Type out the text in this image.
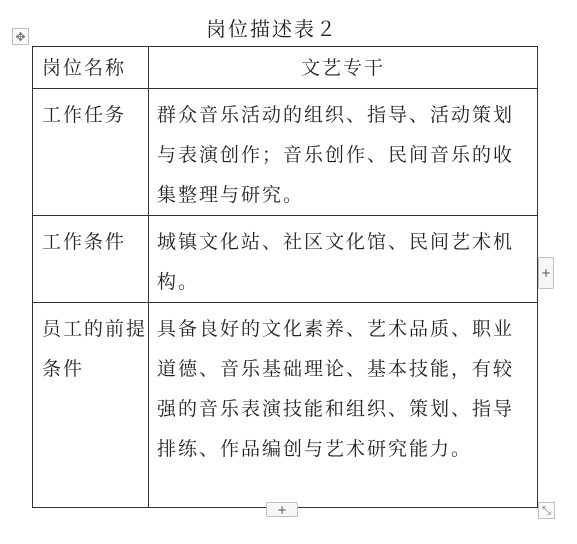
岗位描述表２
✥
岗位名称	文艺专干
工作任务	群众音乐活动的组织、指导、活动策划与表演创作；音乐创作、民间音乐的收集整理与研究。
工作条件	城镇文化站、社区文化馆、民间艺术机构。
员工的前提条件	具备良好的文化素养、艺术品质、职业道德、音乐基础理论、基本技能，有较强的音乐表演技能和组织、策划、指导排练、作品编创与艺术研究能力。
+
+	⤡
